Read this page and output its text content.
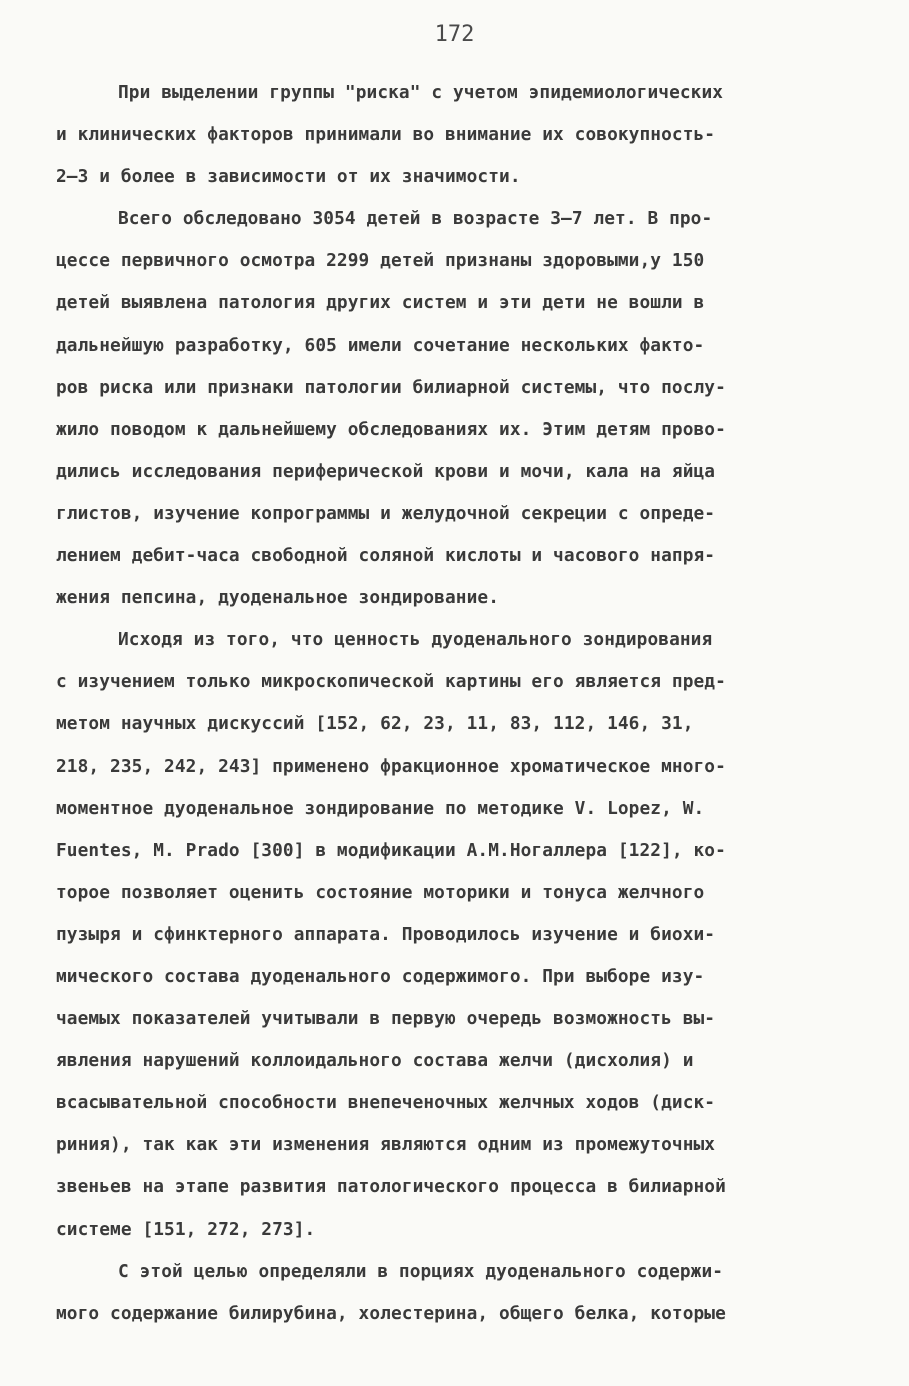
172
При выделении группы "риска" с учетом эпидемиологических
и клинических факторов принимали во внимание их совокупность-
2–3 и более в зависимости от их значимости.
Всего обследовано 3054 детей в возрасте 3–7 лет. В про-
цессе первичного осмотра 2299 детей признаны здоровыми,у 150
детей выявлена патология других систем и эти дети не вошли в
дальнейшую разработку, 605 имели сочетание нескольких факто-
ров риска или признаки патологии билиарной системы, что послу-
жило поводом к дальнейшему обследованиях их. Этим детям прово-
дились исследования периферической крови и мочи, кала на яйца
глистов, изучение копрограммы и желудочной секреции с опреде-
лением дебит-часа свободной соляной кислоты и часового напря-
жения пепсина, дуоденальное зондирование.
Исходя из того, что ценность дуоденального зондирования
с изучением только микроскопической картины его является пред-
метом научных дискуссий [152, 62, 23, 11, 83, 112, 146, 31,
218, 235, 242, 243] применено фракционное хроматическое много-
моментное дуоденальное зондирование по методике V. Lopez, W.
Fuentes, M. Prado [300] в модификации А.М.Ногаллера [122], ко-
торое позволяет оценить состояние моторики и тонуса желчного
пузыря и сфинктерного аппарата. Проводилось изучение и биохи-
мического состава дуоденального содержимого. При выборе изу-
чаемых показателей учитывали в первую очередь возможность вы-
явления нарушений коллоидального состава желчи (дисхолия) и
всасывательной способности внепеченочных желчных ходов (диск-
риния), так как эти изменения являются одним из промежуточных
звеньев на этапе развития патологического процесса в билиарной
системе [151, 272, 273].
С этой целью определяли в порциях дуоденального содержи-
мого содержание билирубина, холестерина, общего белка, которые
